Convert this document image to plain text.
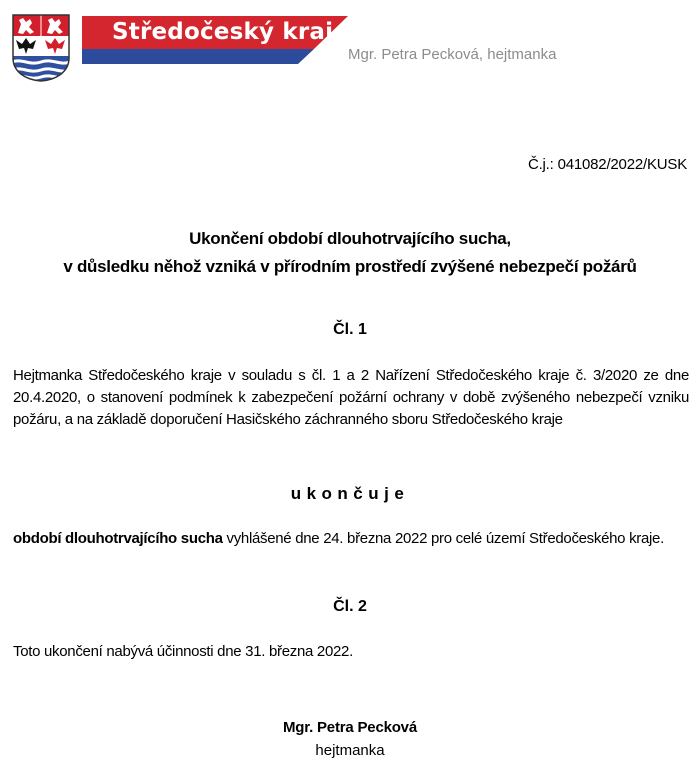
Středočeský kraj
Mgr. Petra Pecková, hejtmanka
Č.j.: 041082/2022/KUSK
Ukončení období dlouhotrvajícího sucha,
v důsledku něhož vzniká v přírodním prostředí zvýšené nebezpečí požárů
Čl. 1
Hejtmanka Středočeského kraje v souladu s čl. 1 a 2 Nařízení Středočeského kraje č. 3/2020 ze dne 20.4.2020, o stanovení podmínek k zabezpečení požární ochrany v době zvýšeného nebezpečí vzniku požáru, a na základě doporučení Hasičského záchranného sboru Středočeského kraje
ukončuje
období dlouhotrvajícího sucha vyhlášené dne 24. března 2022 pro celé území Středočeského kraje.
Čl. 2
Toto ukončení nabývá účinnosti dne 31. března 2022.
Mgr. Petra Pecková
hejtmanka
